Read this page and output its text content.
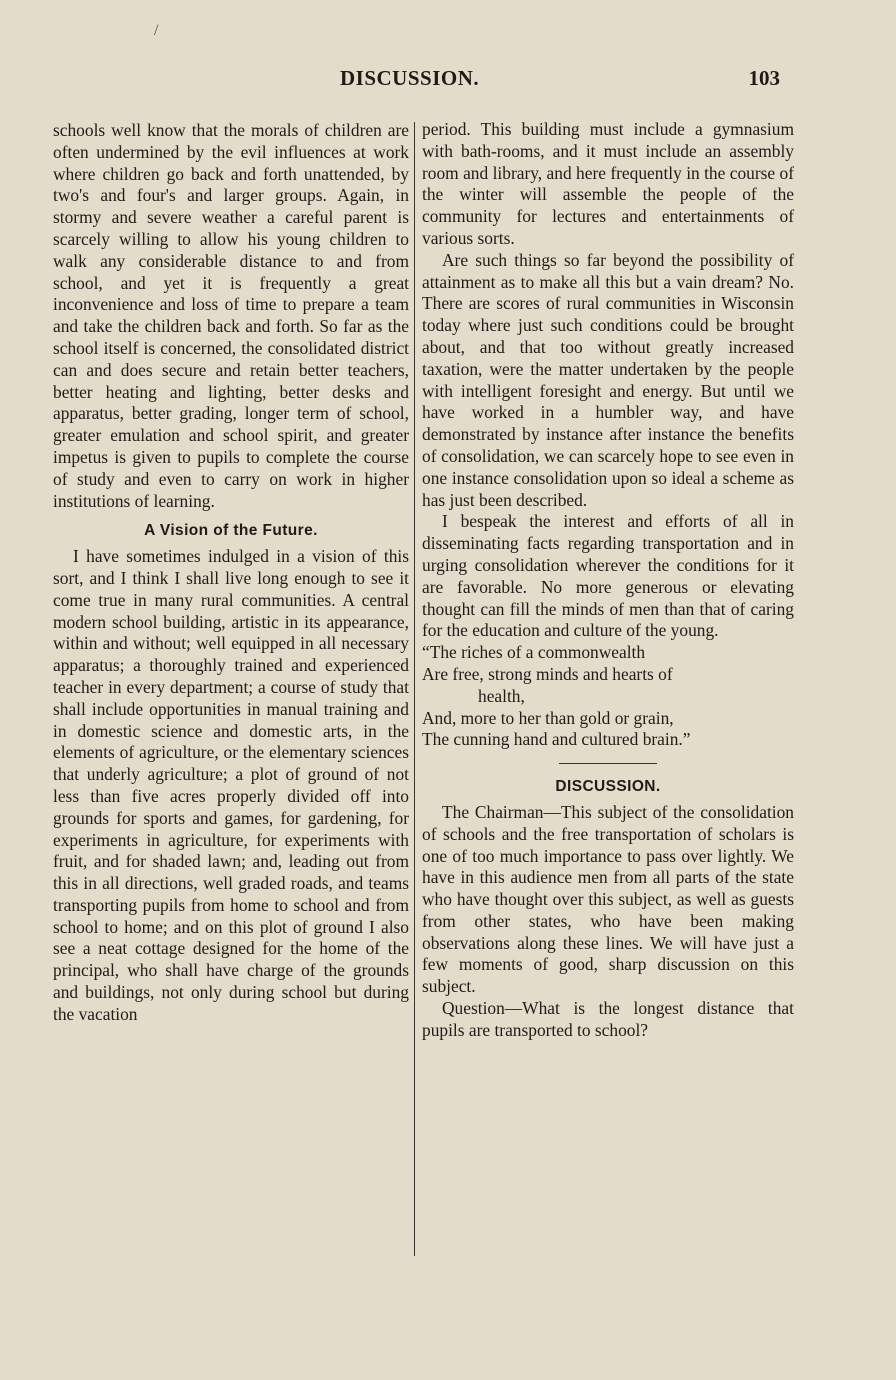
/
DISCUSSION.	103

schools well know that the morals of children are often undermined by the evil influences at work where children go back and forth unattended, by two's and four's and larger groups. Again, in stormy and severe weather a careful parent is scarcely willing to allow his young children to walk any considerable distance to and from school, and yet it is frequently a great inconvenience and loss of time to prepare a team and take the children back and forth. So far as the school itself is concerned, the consolidated district can and does secure and retain better teachers, better heating and lighting, better desks and apparatus, better grading, longer term of school, greater emulation and school spirit, and greater impetus is given to pupils to complete the course of study and even to carry on work in higher institutions of learning.

A Vision of the Future.

I have sometimes indulged in a vision of this sort, and I think I shall live long enough to see it come true in many rural communities. A central modern school building, artistic in its appearance, within and without; well equipped in all necessary apparatus; a thoroughly trained and experienced teacher in every department; a course of study that shall include opportunities in manual training and in domestic science and domestic arts, in the elements of agriculture, or the elementary sciences that underly agriculture; a plot of ground of not less than five acres properly divided off into grounds for sports and games, for gardening, for experiments in agriculture, for experiments with fruit, and for shaded lawn; and, leading out from this in all directions, well graded roads, and teams transporting pupils from home to school and from school to home; and on this plot of ground I also see a neat cottage designed for the home of the principal, who shall have charge of the grounds and buildings, not only during school but during the vacation

period. This building must include a gymnasium with bath-rooms, and it must include an assembly room and library, and here frequently in the course of the winter will assemble the people of the community for lectures and entertainments of various sorts.

Are such things so far beyond the possibility of attainment as to make all this but a vain dream? No. There are scores of rural communities in Wisconsin today where just such conditions could be brought about, and that too without greatly increased taxation, were the matter undertaken by the people with intelligent foresight and energy. But until we have worked in a humbler way, and have demonstrated by instance after instance the benefits of consolidation, we can scarcely hope to see even in one instance consolidation upon so ideal a scheme as has just been described.

I bespeak the interest and efforts of all in disseminating facts regarding transportation and in urging consolidation wherever the conditions for it are favorable. No more generous or elevating thought can fill the minds of men than that of caring for the education and culture of the young.

“The riches of a commonwealth
Are free, strong minds and hearts of
health,
And, more to her than gold or grain,
The cunning hand and cultured brain.”
DISCUSSION.

The Chairman—This subject of the consolidation of schools and the free transportation of scholars is one of too much importance to pass over lightly. We have in this audience men from all parts of the state who have thought over this subject, as well as guests from other states, who have been making observations along these lines. We will have just a few moments of good, sharp discussion on this subject.

Question—What is the longest distance that pupils are transported to school?
